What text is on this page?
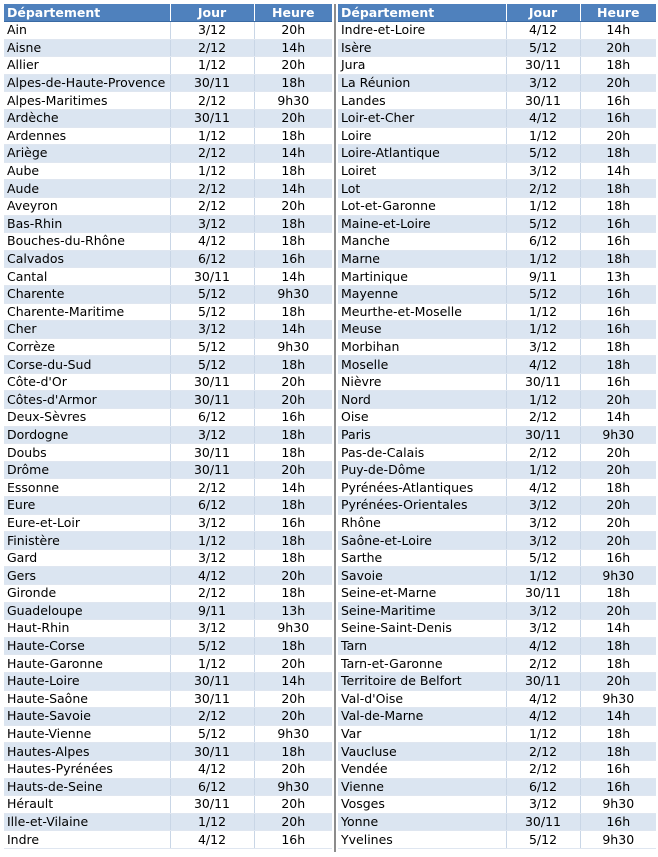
Département	Jour	Heure
Ain	3/12	20h
Aisne	2/12	14h
Allier	1/12	20h
Alpes-de-Haute-Provence	30/11	18h
Alpes-Maritimes	2/12	9h30
Ardèche	30/11	20h
Ardennes	1/12	18h
Ariège	2/12	14h
Aube	1/12	18h
Aude	2/12	14h
Aveyron	2/12	20h
Bas-Rhin	3/12	18h
Bouches-du-Rhône	4/12	18h
Calvados	6/12	16h
Cantal	30/11	14h
Charente	5/12	9h30
Charente-Maritime	5/12	18h
Cher	3/12	14h
Corrèze	5/12	9h30
Corse-du-Sud	5/12	18h
Côte-d'Or	30/11	20h
Côtes-d'Armor	30/11	20h
Deux-Sèvres	6/12	16h
Dordogne	3/12	18h
Doubs	30/11	18h
Drôme	30/11	20h
Essonne	2/12	14h
Eure	6/12	18h
Eure-et-Loir	3/12	16h
Finistère	1/12	18h
Gard	3/12	18h
Gers	4/12	20h
Gironde	2/12	18h
Guadeloupe	9/11	13h
Haut-Rhin	3/12	9h30
Haute-Corse	5/12	18h
Haute-Garonne	1/12	20h
Haute-Loire	30/11	14h
Haute-Saône	30/11	20h
Haute-Savoie	2/12	20h
Haute-Vienne	5/12	9h30
Hautes-Alpes	30/11	18h
Hautes-Pyrénées	4/12	20h
Hauts-de-Seine	6/12	9h30
Hérault	30/11	20h
Ille-et-Vilaine	1/12	20h
Indre	4/12	16h
Département	Jour	Heure
Indre-et-Loire	4/12	14h
Isère	5/12	20h
Jura	30/11	18h
La Réunion	3/12	20h
Landes	30/11	16h
Loir-et-Cher	4/12	16h
Loire	1/12	20h
Loire-Atlantique	5/12	18h
Loiret	3/12	14h
Lot	2/12	18h
Lot-et-Garonne	1/12	18h
Maine-et-Loire	5/12	16h
Manche	6/12	16h
Marne	1/12	18h
Martinique	9/11	13h
Mayenne	5/12	16h
Meurthe-et-Moselle	1/12	16h
Meuse	1/12	16h
Morbihan	3/12	18h
Moselle	4/12	18h
Nièvre	30/11	16h
Nord	1/12	20h
Oise	2/12	14h
Paris	30/11	9h30
Pas-de-Calais	2/12	20h
Puy-de-Dôme	1/12	20h
Pyrénées-Atlantiques	4/12	18h
Pyrénées-Orientales	3/12	20h
Rhône	3/12	20h
Saône-et-Loire	3/12	20h
Sarthe	5/12	16h
Savoie	1/12	9h30
Seine-et-Marne	30/11	18h
Seine-Maritime	3/12	20h
Seine-Saint-Denis	3/12	14h
Tarn	4/12	18h
Tarn-et-Garonne	2/12	18h
Territoire de Belfort	30/11	20h
Val-d'Oise	4/12	9h30
Val-de-Marne	4/12	14h
Var	1/12	18h
Vaucluse	2/12	18h
Vendée	2/12	16h
Vienne	6/12	16h
Vosges	3/12	9h30
Yonne	30/11	16h
Yvelines	5/12	9h30
